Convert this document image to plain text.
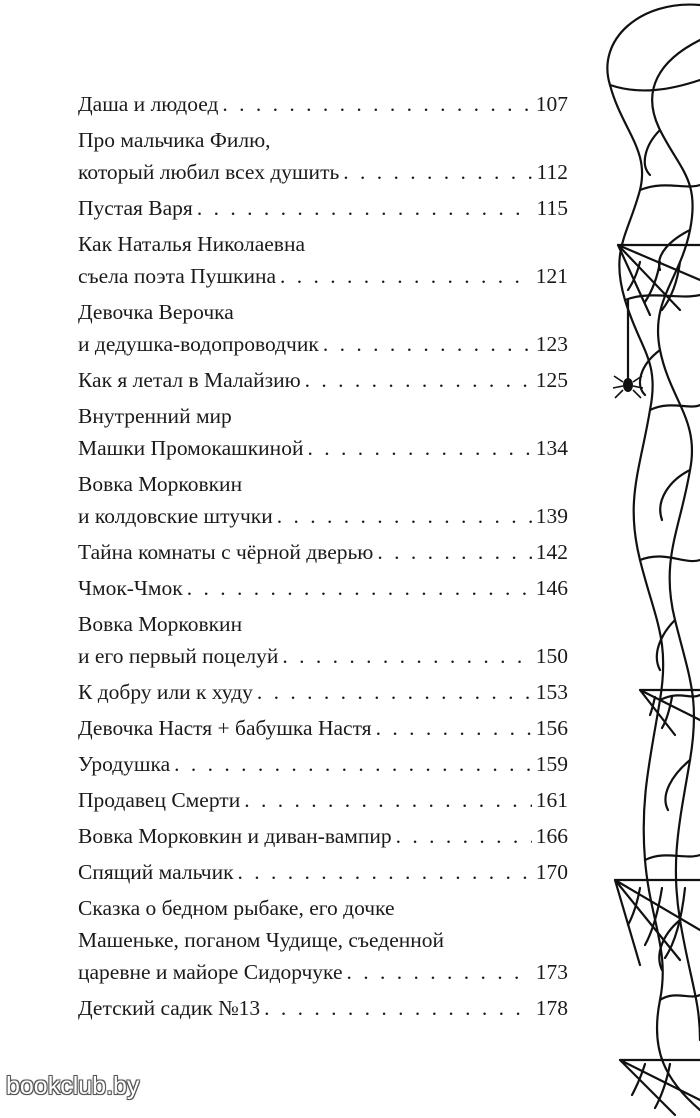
Даша и людоед . . .	107
Про мальчика Филю,
который любил всех душить . . .	112
Пустая Варя . . .	115
Как Наталья Николаевна
съела поэта Пушкина . . .	121
Девочка Верочка
и дедушка-водопроводчик . . .	123
Как я летал в Малайзию . . .	125
Внутренний мир
Машки Промокашкиной . . .	134
Вовка Морковкин
и колдовские штучки . . .	139
Тайна комнаты с чёрной дверью . . .	142
Чмок-Чмок . . .	146
Вовка Морковкин
и его первый поцелуй . . .	150
К добру или к худу . . .	153
Девочка Настя + бабушка Настя . . .	156
Уродушка . . .	159
Продавец Смерти . . .	161
Вовка Морковкин и диван-вампир . . .	166
Спящий мальчик . . .	170
Сказка о бедном рыбаке, его дочке
Машеньке, поганом Чудище, съеденной
царевне и майоре Сидорчуке . . .	173
Детский садик №13 . . .	178
bookclub.by
